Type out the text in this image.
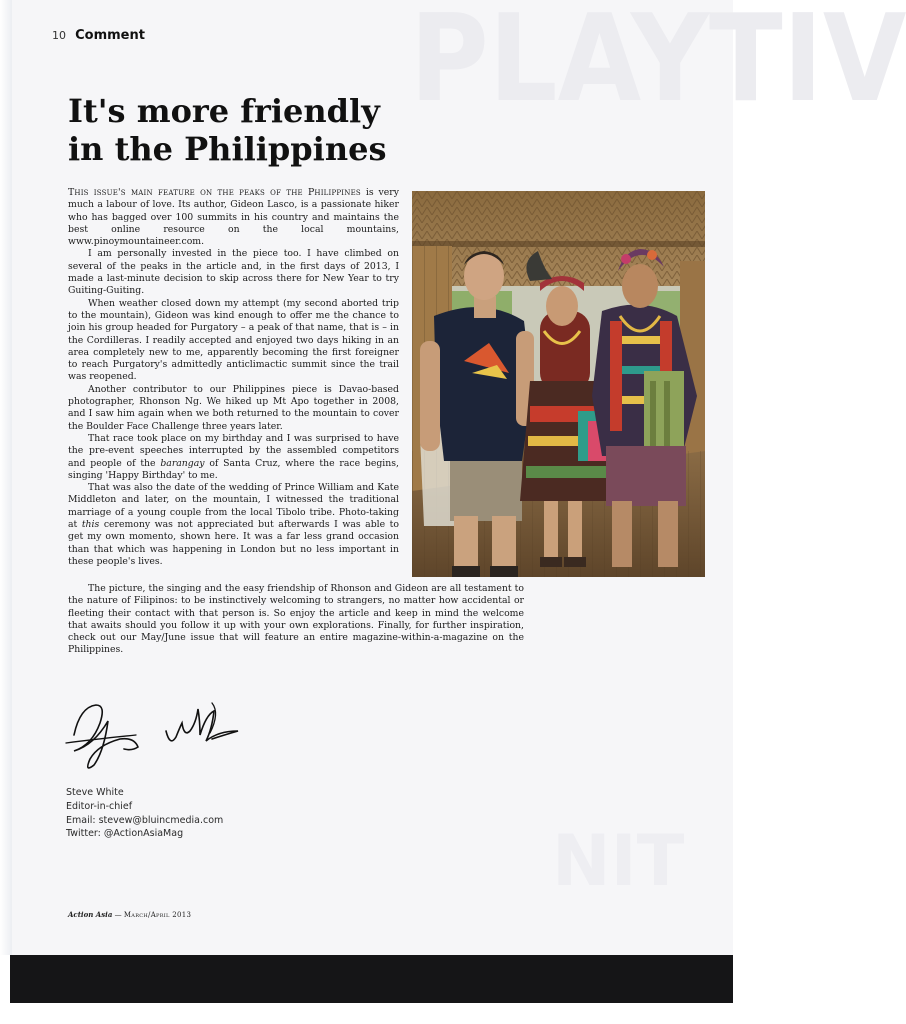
PLAYTIV
NIT
10 Comment
It's more friendly in the Philippines

This issue's main feature on the peaks of the Philippines is very much a labour of love. Its author, Gideon Lasco, is a passionate hiker who has bagged over 100 summits in his country and maintains the best online resource on the local mountains, www.pinoymountaineer.com.

I am personally invested in the piece too. I have climbed on several of the peaks in the article and, in the first days of 2013, I made a last-minute decision to skip across there for New Year to try Guiting-Guiting.

When weather closed down my attempt (my second aborted trip to the mountain), Gideon was kind enough to offer me the chance to join his group headed for Purgatory – a peak of that name, that is – in the Cordilleras. I readily accepted and enjoyed two days hiking in an area completely new to me, apparently becoming the first foreigner to reach Purgatory's admittedly anticlimactic summit since the trail was reopened.

Another contributor to our Philippines piece is Davao-based photographer, Rhonson Ng. We hiked up Mt Apo together in 2008, and I saw him again when we both returned to the mountain to cover the Boulder Face Challenge three years later.

That race took place on my birthday and I was surprised to have the pre-event speeches interrupted by the assembled competitors and people of the barangay of Santa Cruz, where the race begins, singing 'Happy Birthday' to me.

That was also the date of the wedding of Prince William and Kate Middleton and later, on the mountain, I witnessed the traditional marriage of a young couple from the local Tibolo tribe. Photo-taking at this ceremony was not appreciated but afterwards I was able to get my own momento, shown here. It was a far less grand occasion than that which was happening in London but no less important in these people's lives.

The picture, the singing and the easy friendship of Rhonson and Gideon are all testament to the nature of Filipinos: to be instinctively welcoming to strangers, no matter how accidental or fleeting their contact with that person is. So enjoy the article and keep in mind the welcome that awaits should you follow it up with your own explorations. Finally, for further inspiration, check out our May/June issue that will feature an entire magazine-within-a-magazine on the Philippines.

Steve White
Editor-in-chief
Email: stevew@bluincmedia.com
Twitter: @ActionAsiaMag
Action Asia — March/April 2013
